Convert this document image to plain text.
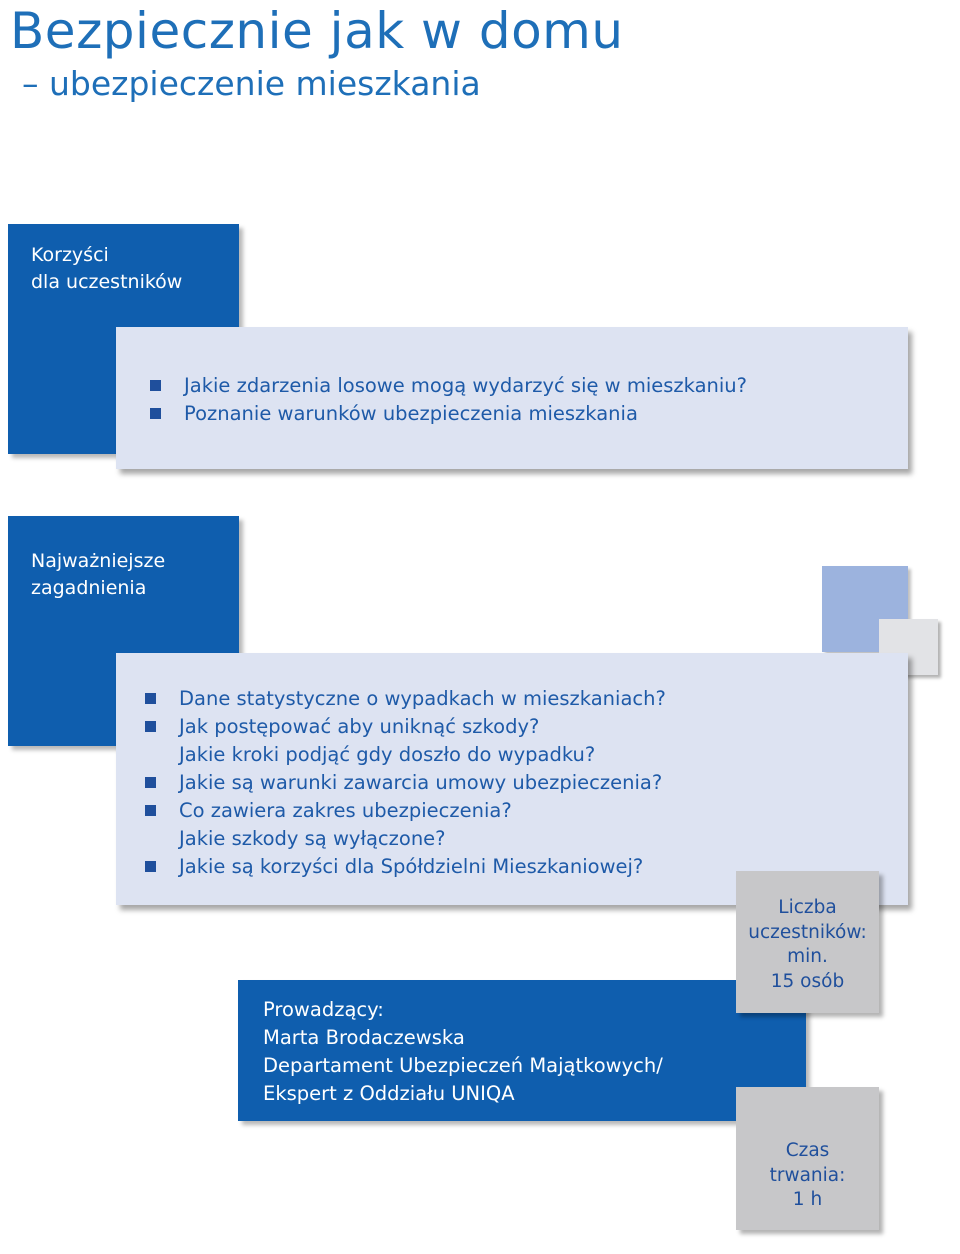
Bezpiecznie jak w domu
– ubezpieczenie mieszkania
Korzyści
dla uczestników
Jakie zdarzenia losowe mogą wydarzyć się w mieszkaniu?
Poznanie warunków ubezpieczenia mieszkania
Najważniejsze
zagadnienia
Dane statystyczne o wypadkach w mieszkaniach?
Jak postępować aby uniknąć szkody?
Jakie kroki podjąć gdy doszło do wypadku?
Jakie są warunki zawarcia umowy ubezpieczenia?
Co zawiera zakres ubezpieczenia?
Jakie szkody są wyłączone?
Jakie są korzyści dla Spółdzielni Mieszkaniowej?
Prowadzący:
Marta Brodaczewska
Departament Ubezpieczeń Majątkowych/
Ekspert z Oddziału UNIQA
Liczba
uczestników:
min.
15 osób
Czas
trwania:
1 h
